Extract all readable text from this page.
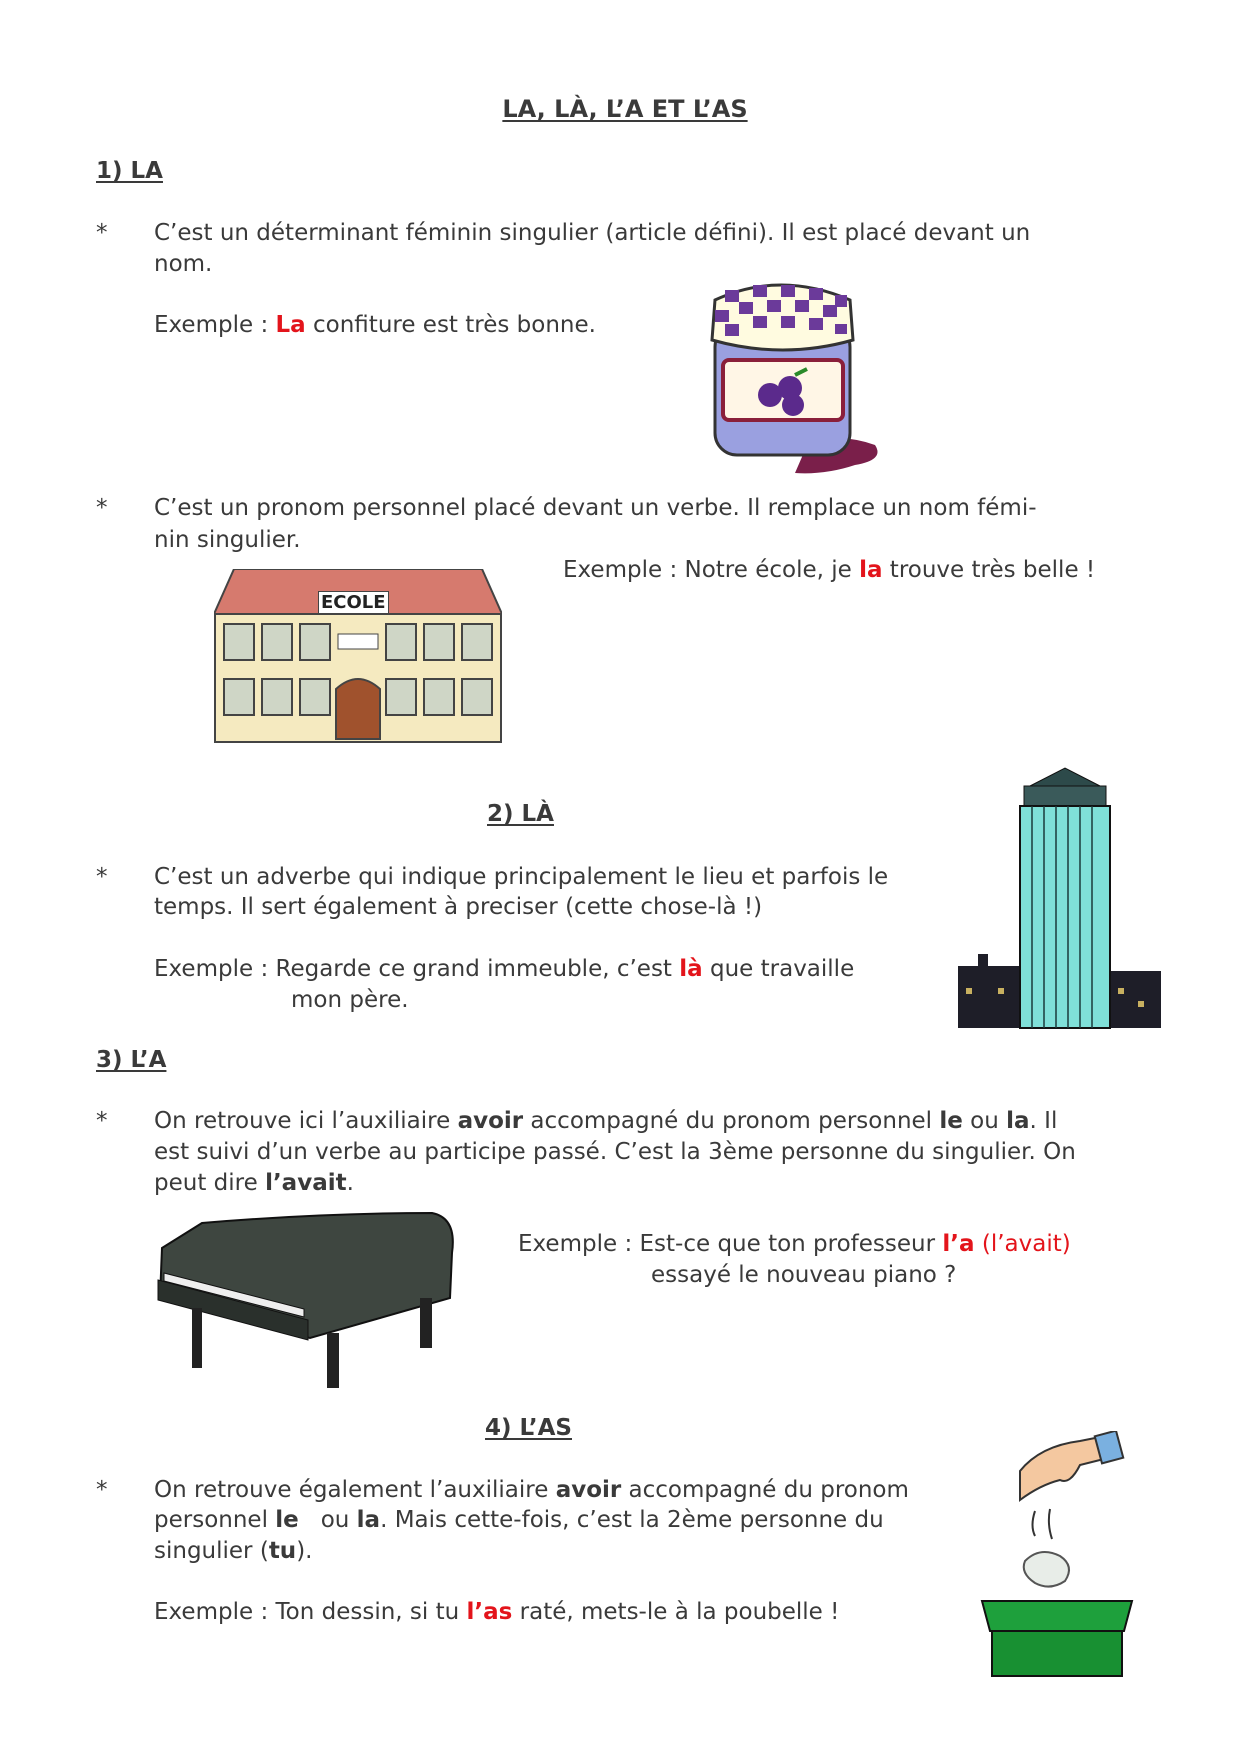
LA, LÀ, L’A ET L’AS
1) LA
* C’est un déterminant féminin singulier (article défini). Il est placé devant un
nom.
Exemple : La confiture est très bonne.
* C’est un pronom personnel placé devant un verbe. Il remplace un nom fémi-
nin singulier.
Exemple : Notre école, je la trouve très belle !
ECOLE
2) LÀ
* C’est un adverbe qui indique principalement le lieu et parfois le
temps. Il sert également à preciser (cette chose-là !)
Exemple : Regarde ce grand immeuble, c’est là que travaille
mon père.
3) L’A
* On retrouve ici l’auxiliaire avoir accompagné du pronom personnel le ou la. Il
est suivi d’un verbe au participe passé. C’est la 3ème personne du singulier. On
peut dire l’avait.
Exemple : Est-ce que ton professeur l’a (l’avait)
essayé le nouveau piano ?
4) L’AS
* On retrouve également l’auxiliaire avoir accompagné du pronom
personnel le   ou la. Mais cette-fois, c’est la 2ème personne du
singulier (tu).
Exemple : Ton dessin, si tu l’as raté, mets-le à la poubelle !
